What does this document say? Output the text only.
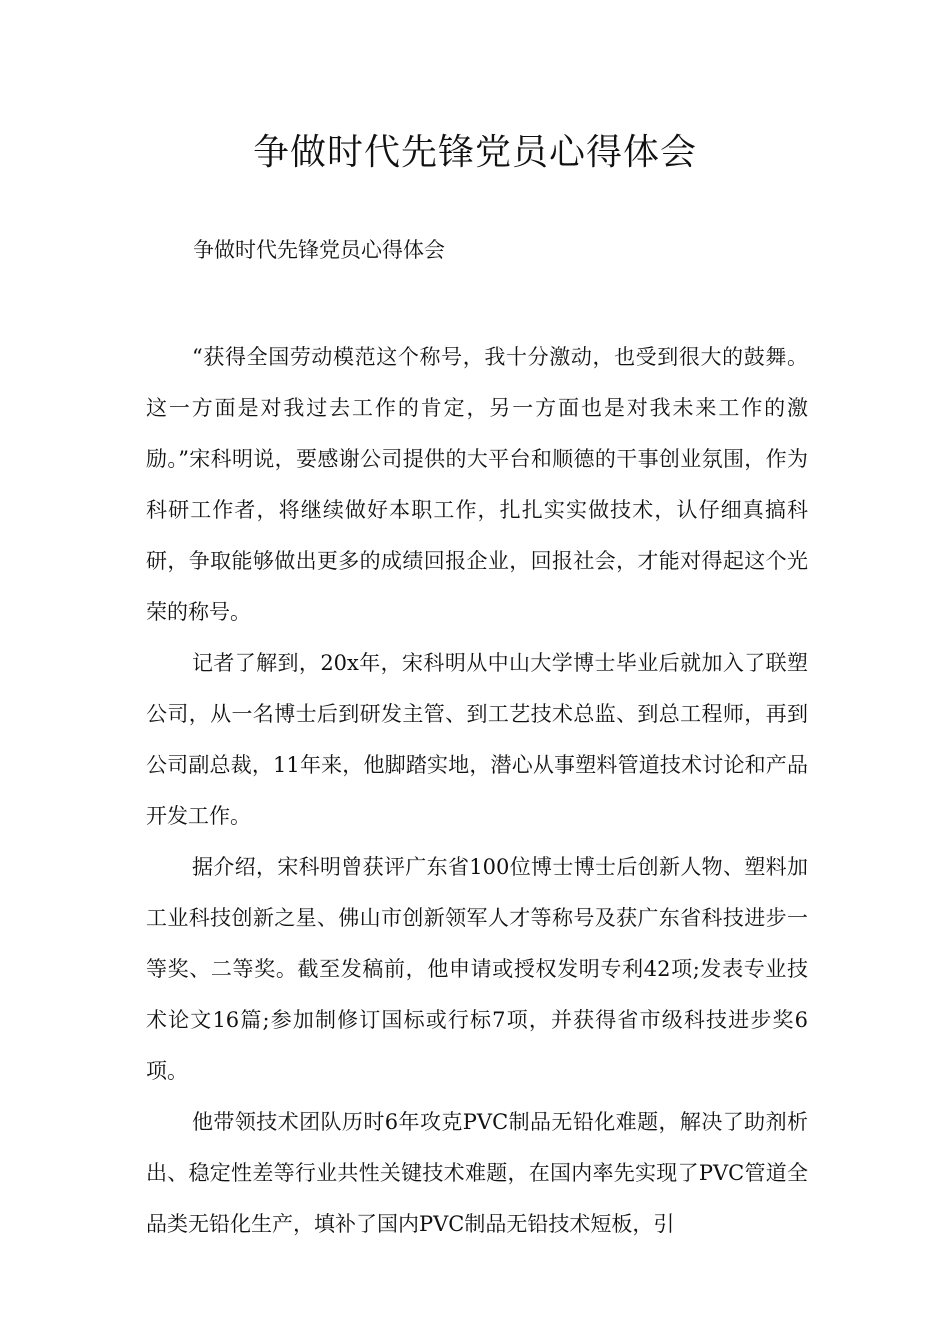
争做时代先锋党员心得体会

争做时代先锋党员心得体会

“获得全国劳动模范这个称号，我十分激动，也受到很大的鼓舞。这一方面是对我过去工作的肯定，另一方面也是对我未来工作的激励。”宋科明说，要感谢公司提供的大平台和顺德的干事创业氛围，作为科研工作者，将继续做好本职工作，扎扎实实做技术，认仔细真搞科研，争取能够做出更多的成绩回报企业，回报社会，才能对得起这个光荣的称号。

记者了解到，20x年，宋科明从中山大学博士毕业后就加入了联塑公司，从一名博士后到研发主管、到工艺技术总监、到总工程师，再到公司副总裁，11年来，他脚踏实地，潜心从事塑料管道技术讨论和产品开发工作。

据介绍，宋科明曾获评广东省100位博士博士后创新人物、塑料加工业科技创新之星、佛山市创新领军人才等称号及获广东省科技进步一等奖、二等奖。截至发稿前，他申请或授权发明专利42项;发表专业技术论文16篇;参加制修订国标或行标7项，并获得省市级科技进步奖6项。

他带领技术团队历时6年攻克PVC制品无铅化难题，解决了助剂析出、稳定性差等行业共性关键技术难题，在国内率先实现了PVC管道全品类无铅化生产，填补了国内PVC制品无铅技术短板，引
